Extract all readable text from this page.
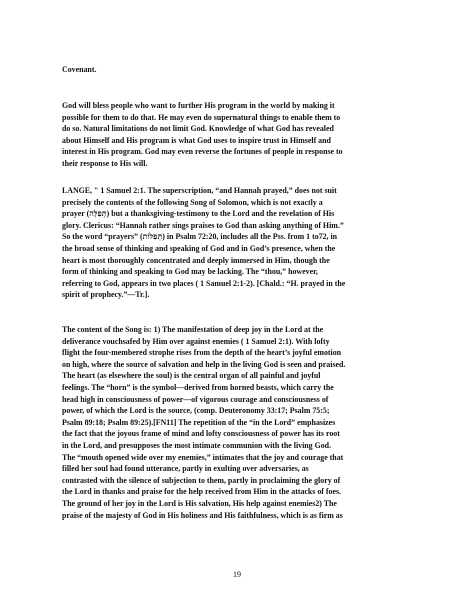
Covenant.

God will bless people who want to further His program in the world by making it
possible for them to do that. He may even do supernatural things to enable them to
do so. Natural limitations do not limit God. Knowledge of what God has revealed
about Himself and His program is what God uses to inspire trust in Himself and
interest in His program. God may even reverse the fortunes of people in response to
their response to His will.

LANGE, " 1 Samuel 2:1. The superscription, “and Hannah prayed,” does not suit
precisely the contents of the following Song of Solomon, which is not exactly a
prayer (תְּפִלָּה) but a thanksgiving-testimony to the Lord and the revelation of His
glory. Clericus: “Hannah rather sings praises to God than asking anything of Him.”
So the word “prayers” (תְּפִלּוֹת) in Psalm 72:20, includes all the Pss. from 1 to72, in
the broad sense of thinking and speaking of God and in God’s presence, when the
heart is most thoroughly concentrated and deeply immersed in Him, though the
form of thinking and speaking to God may be lacking. The “thou,” however,
referring to God, appears in two places ( 1 Samuel 2:1-2). [Chald.: “H. prayed in the
spirit of prophecy.”—Tr.].

The content of the Song is: 1) The manifestation of deep joy in the Lord at the
deliverance vouchsafed by Him over against enemies ( 1 Samuel 2:1). With lofty
flight the four-membered strophe rises from the depth of the heart’s joyful emotion
on high, where the source of salvation and help in the living God is seen and praised.
The heart (as elsewhere the soul) is the central organ of all painful and joyful
feelings. The “horn” is the symbol—derived from horned beasts, which carry the
head high in consciousness of power—of vigorous courage and consciousness of
power, of which the Lord is the source, (comp. Deuteronomy 33:17; Psalm 75:5;
Psalm 89:18; Psalm 89:25).[FN11] The repetition of the “in the Lord” emphasizes
the fact that the joyous frame of mind and lofty consciousness of power has its root
in the Lord, and presupposes the most intimate communion with the living God.
The “mouth opened wide over my enemies,” intimates that the joy and courage that
filled her soul had found utterance, partly in exulting over adversaries, as
contrasted with the silence of subjection to them, partly in proclaiming the glory of
the Lord in thanks and praise for the help received from Him in the attacks of foes.
The ground of her joy in the Lord is His salvation, His help against enemies2) The
praise of the majesty of God in His holiness and His faithfulness, which is as firm as

19
